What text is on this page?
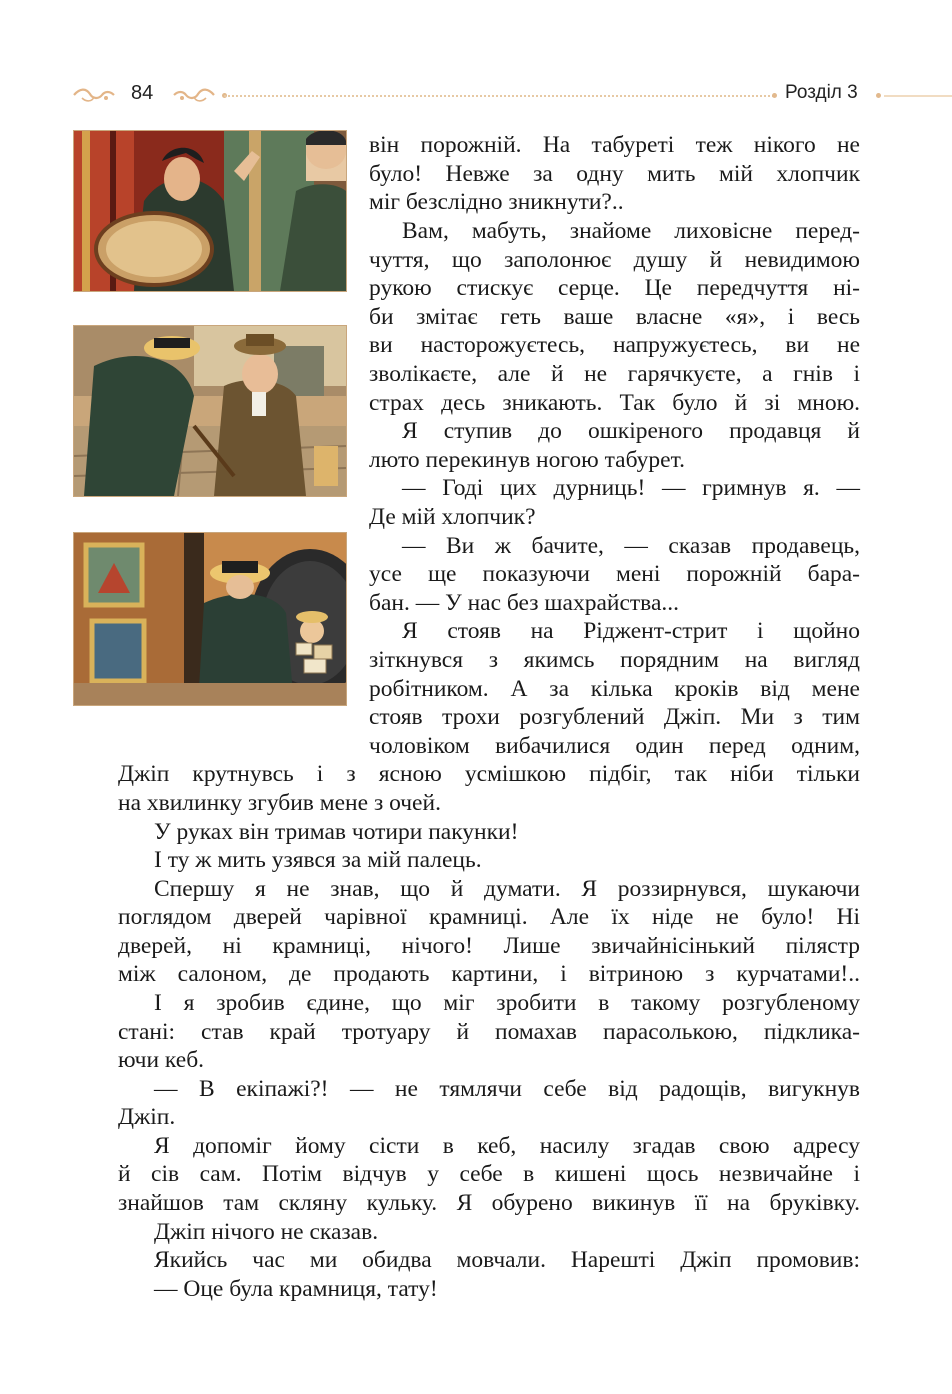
84	Розділ 3
він порожній. На табуреті теж нікого не
було! Невже за одну мить мій хлопчик
міг безслідно зникнути?..
Вам, мабуть, знайоме лиховісне перед-
чуття, що заполонює душу й невидимою
рукою стискує серце. Це передчуття ні-
би змітає геть ваше власне «я», і весь
ви насторожуєтесь, напружуєтесь, ви не
зволікаєте, але й не гарячкуєте, а гнів і
страх десь зникають. Так було й зі мною.
Я ступив до ошкіреного продавця й
люто перекинув ногою табурет.
— Годі цих дурниць! — гримнув я. —
Де мій хлопчик?
— Ви ж бачите, — сказав продавець,
усе ще показуючи мені порожній бара-
бан. — У нас без шахрайства...
Я стояв на Ріджент-стрит і щойно
зіткнувся з якимсь порядним на вигляд
робітником. А за кілька кроків від мене
стояв трохи розгублений Джіп. Ми з тим
чоловіком вибачилися один перед одним,
Джіп крутнувсь і з ясною усмішкою підбіг, так ніби тільки
на хвилинку згубив мене з очей.
У руках він тримав чотири пакунки!
І ту ж мить узявся за мій палець.
Спершу я не знав, що й думати. Я роззирнувся, шукаючи
поглядом дверей чарівної крамниці. Але їх ніде не було! Ні
дверей, ні крамниці, нічого! Лише звичайнісінький пілястр
між салоном, де продають картини, і вітриною з курчатами!..
І я зробив єдине, що міг зробити в такому розгубленому
стані: став край тротуару й помахав парасолькою, підклика-
ючи кеб.
— В екіпажі?! — не тямлячи себе від радощів, вигукнув
Джіп.
Я допоміг йому сісти в кеб, насилу згадав свою адресу
й сів сам. Потім відчув у себе в кишені щось незвичайне і
знайшов там скляну кульку. Я обурено викинув її на бруківку.
Джіп нічого не сказав.
Якийсь час ми обидва мовчали. Нарешті Джіп промовив:
— Оце була крамниця, тату!
